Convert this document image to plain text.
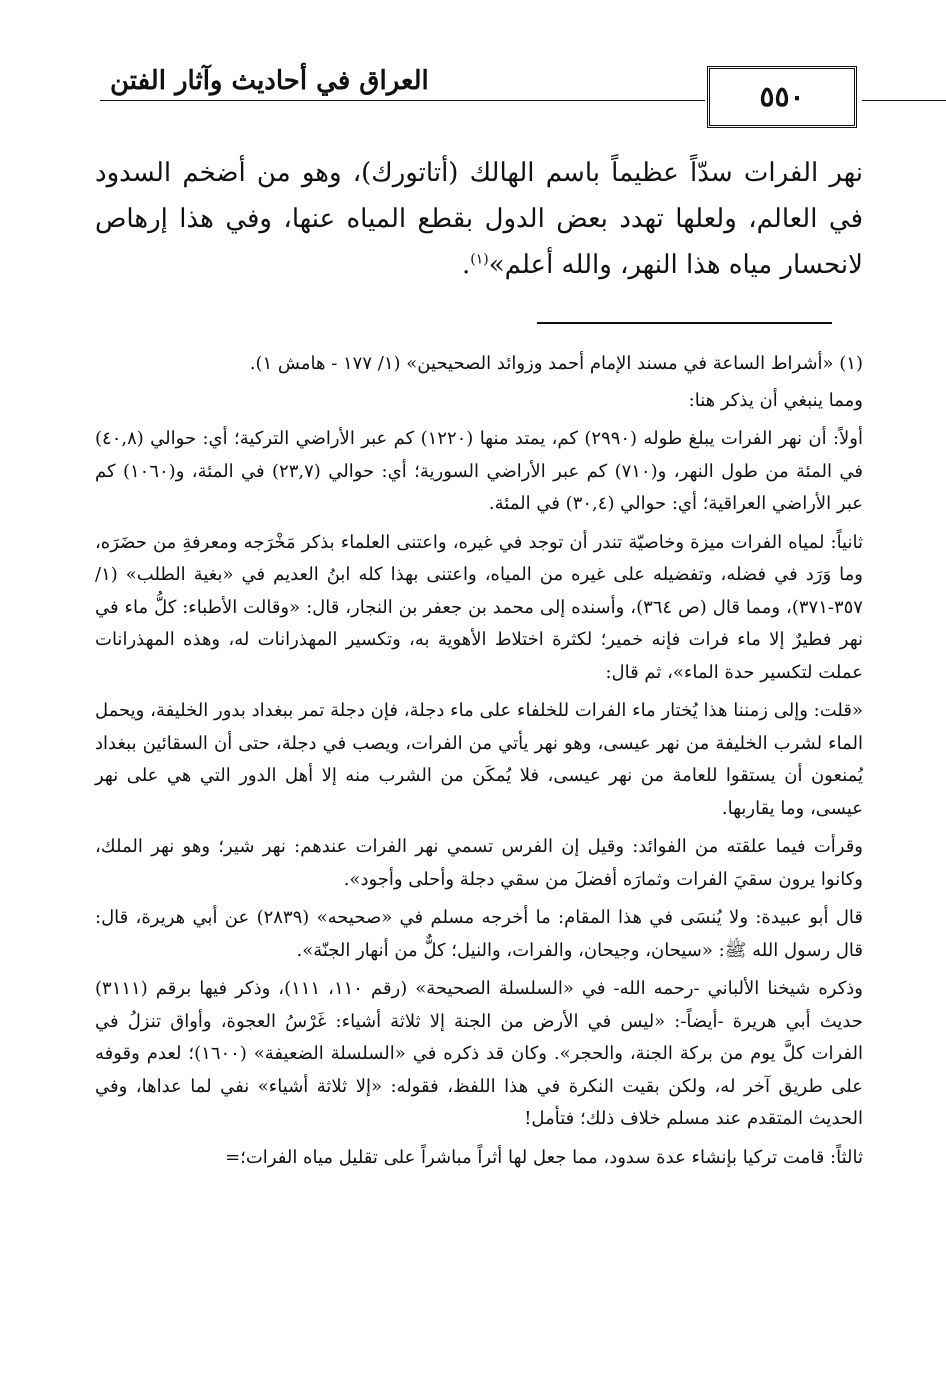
العراق في أحاديث وآثار الفتن	٥٥٠

نهر الفرات سدّاً عظيماً باسم الهالك (أتاتورك)، وهو من أضخم السدود في العالم، ولعلها تهدد بعض الدول بقطع المياه عنها، وفي هذا إرهاص لانحسار مياه هذا النهر، والله أعلم»$^{(١)}$.

(١) «أشراط الساعة في مسند الإمام أحمد وزوائد الصحيحين» (١/ ١٧٧ - هامش ١).

ومما ينبغي أن يذكر هنا:

أولاً: أن نهر الفرات يبلغ طوله (٢٩٩٠) كم، يمتد منها (١٢٢٠) كم عبر الأراضي التركية؛ أي: حوالي (٤٠,٨) في المئة من طول النهر، و(٧١٠) كم عبر الأراضي السورية؛ أي: حوالي (٢٣,٧) في المئة، و(١٠٦٠) كم عبر الأراضي العراقية؛ أي: حوالي (٣٠,٤) في المئة.

ثانياً: لمياه الفرات ميزة وخاصيّة تندر أن توجد في غيره، واعتنى العلماء بذكر مَخْرَجه ومعرفةِ من حضَرَه، وما وَرَد في فضله، وتفضيله على غيره من المياه، واعتنى بهذا كله ابنُ العديم في «بغية الطلب» (١/ ٣٥٧-٣٧١)، ومما قال (ص ٣٦٤)، وأسنده إلى محمد بن جعفر بن النجار، قال: «وقالت الأطباء: كلُّ ماء في نهر فطيرٌ إلا ماء فرات فإنه خمير؛ لكثرة اختلاط الأهوية به، وتكسير المهذرانات له، وهذه المهذرانات عملت لتكسير حدة الماء»، ثم قال:

«قلت: وإلى زمننا هذا يُختار ماء الفرات للخلفاء على ماء دجلة، فإن دجلة تمر ببغداد بدور الخليفة، ويحمل الماء لشرب الخليفة من نهر عيسى، وهو نهر يأتي من الفرات، ويصب في دجلة، حتى أن السقائين ببغداد يُمنعون أن يستقوا للعامة من نهر عيسى، فلا يُمكَن من الشرب منه إلا أهل الدور التي هي على نهر عيسى، وما يقاربها.

وقرأت فيما علقته من الفوائد: وقيل إن الفرس تسمي نهر الفرات عندهم: نهر شير؛ وهو نهر الملك، وكانوا يرون سقيَ الفرات وثمارَه أفضلَ من سقي دجلة وأحلى وأجود».

قال أبو عبيدة: ولا يُنسَى في هذا المقام: ما أخرجه مسلم في «صحيحه» (٢٨٣٩) عن أبي هريرة، قال: قال رسول الله ﷺ: «سيحان، وجيحان، والفرات، والنيل؛ كلٌّ من أنهار الجنّة».

وذكره شيخنا الألباني -رحمه الله- في «السلسلة الصحيحة» (رقم ١١٠، ١١١)، وذكر فيها برقم (٣١١١) حديث أبي هريرة -أيضاً-: «ليس في الأرض من الجنة إلا ثلاثة أشياء: غَرْسُ العجوة، وأواق تنزلُ في الفرات كلَّ يوم من بركة الجنة، والحجر». وكان قد ذكره في «السلسلة الضعيفة» (١٦٠٠)؛ لعدم وقوفه على طريق آخر له، ولكن بقيت النكرة في هذا اللفظ، فقوله: «إلا ثلاثة أشياء» نفي لما عداها، وفي الحديث المتقدم عند مسلم خلاف ذلك؛ فتأمل!

ثالثاً: قامت تركيا بإنشاء عدة سدود، مما جعل لها أثراً مباشراً على تقليل مياه الفرات؛=
